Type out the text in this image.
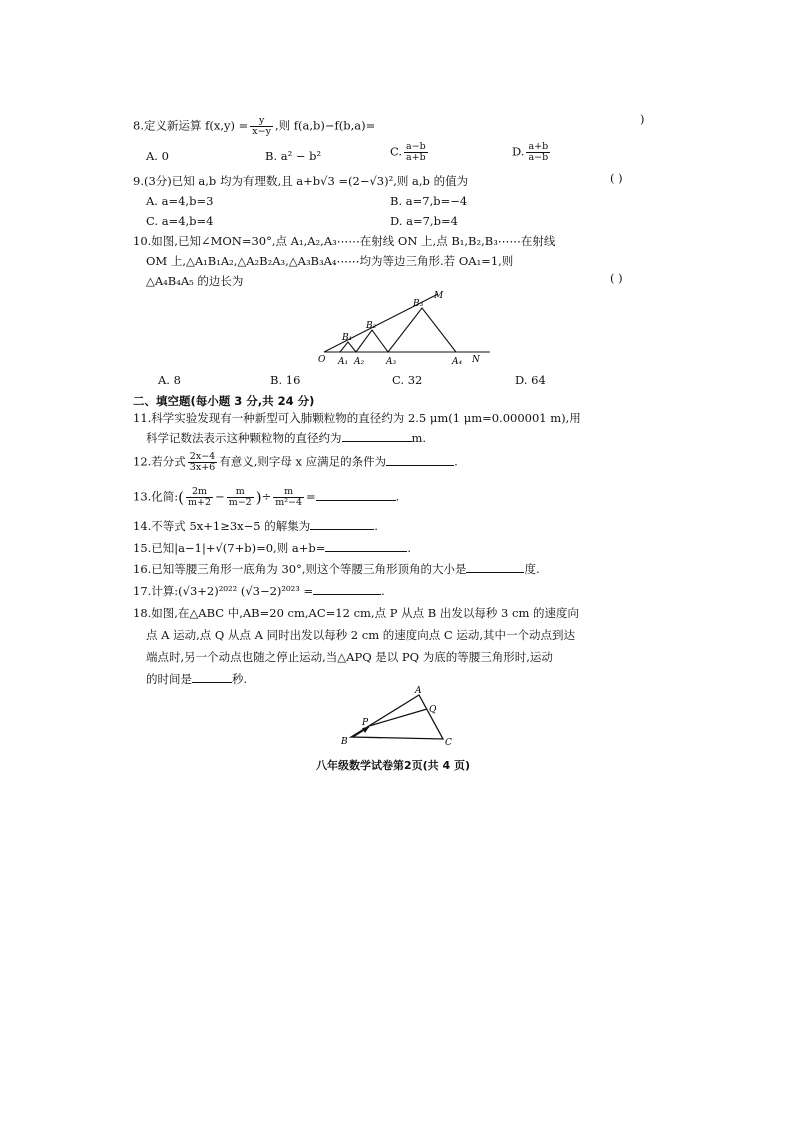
8.定义新运算 $f(x,y) = \frac{y}{x-y}$ ,则 f(a,b)−f(b,a)=	)
A. 0	B. a² − b²	C. $\frac{a-b}{a+b}$	D. $\frac{a+b}{a-b}$
9.(3分)已知 a,b 均为有理数,且 a+b√3 =(2−√3)²,则 a,b 的值为	( )
A. a=4,b=3	B. a=7,b=−4
C. a=4,b=4	D. a=7,b=4
10.如图,已知∠MON=30°,点 A₁,A₂,A₃⋯⋯在射线 ON 上,点 B₁,B₂,B₃⋯⋯在射线
OM 上,△A₁B₁A₂,△A₂B₂A₃,△A₃B₃A₄⋯⋯均为等边三角形.若 OA₁=1,则
△A₄B₄A₅ 的边长为	( )
O A₁ A₂ A₃	A₄ N
B₁
B₂
B₃
M
A. 8	B. 16	C. 32	D. 64
二、填空题(每小题 3 分,共 24 分)
11.科学实验发现有一种新型可入肺颗粒物的直径约为 2.5 μm(1 μm=0.000001 m),用
科学记数法表示这种颗粒物的直径约为	m.
12.若分式 $\frac{2x-4}{3x+6}$ 有意义,则字母 x 应满足的条件为	.
13.化简:( $\frac{2m}{m+2} - \frac{m}{m-2}$ )÷ $\frac{m}{\text{m²−4}}$ =	.
14.不等式 5x+1≥3x−5 的解集为	.
15.已知|a−1|+√(7+b)=0,则 a+b=	.
16.已知等腰三角形一底角为 30°,则这个等腰三角形顶角的大小是	度.
17.计算:(√3+2)²⁰²² (√3−2)²⁰²³ =	.
18.如图,在△ABC 中,AB=20 cm,AC=12 cm,点 P 从点 B 出发以每秒 3 cm 的速度向
点 A 运动,点 Q 从点 A 同时出发以每秒 2 cm 的速度向点 C 运动,其中一个动点到达
端点时,另一个动点也随之停止运动,当△APQ 是以 PQ 为底的等腰三角形时,运动
的时间是	秒.
A
B	C
P
Q
八年级数学试卷第2页(共 4 页)
